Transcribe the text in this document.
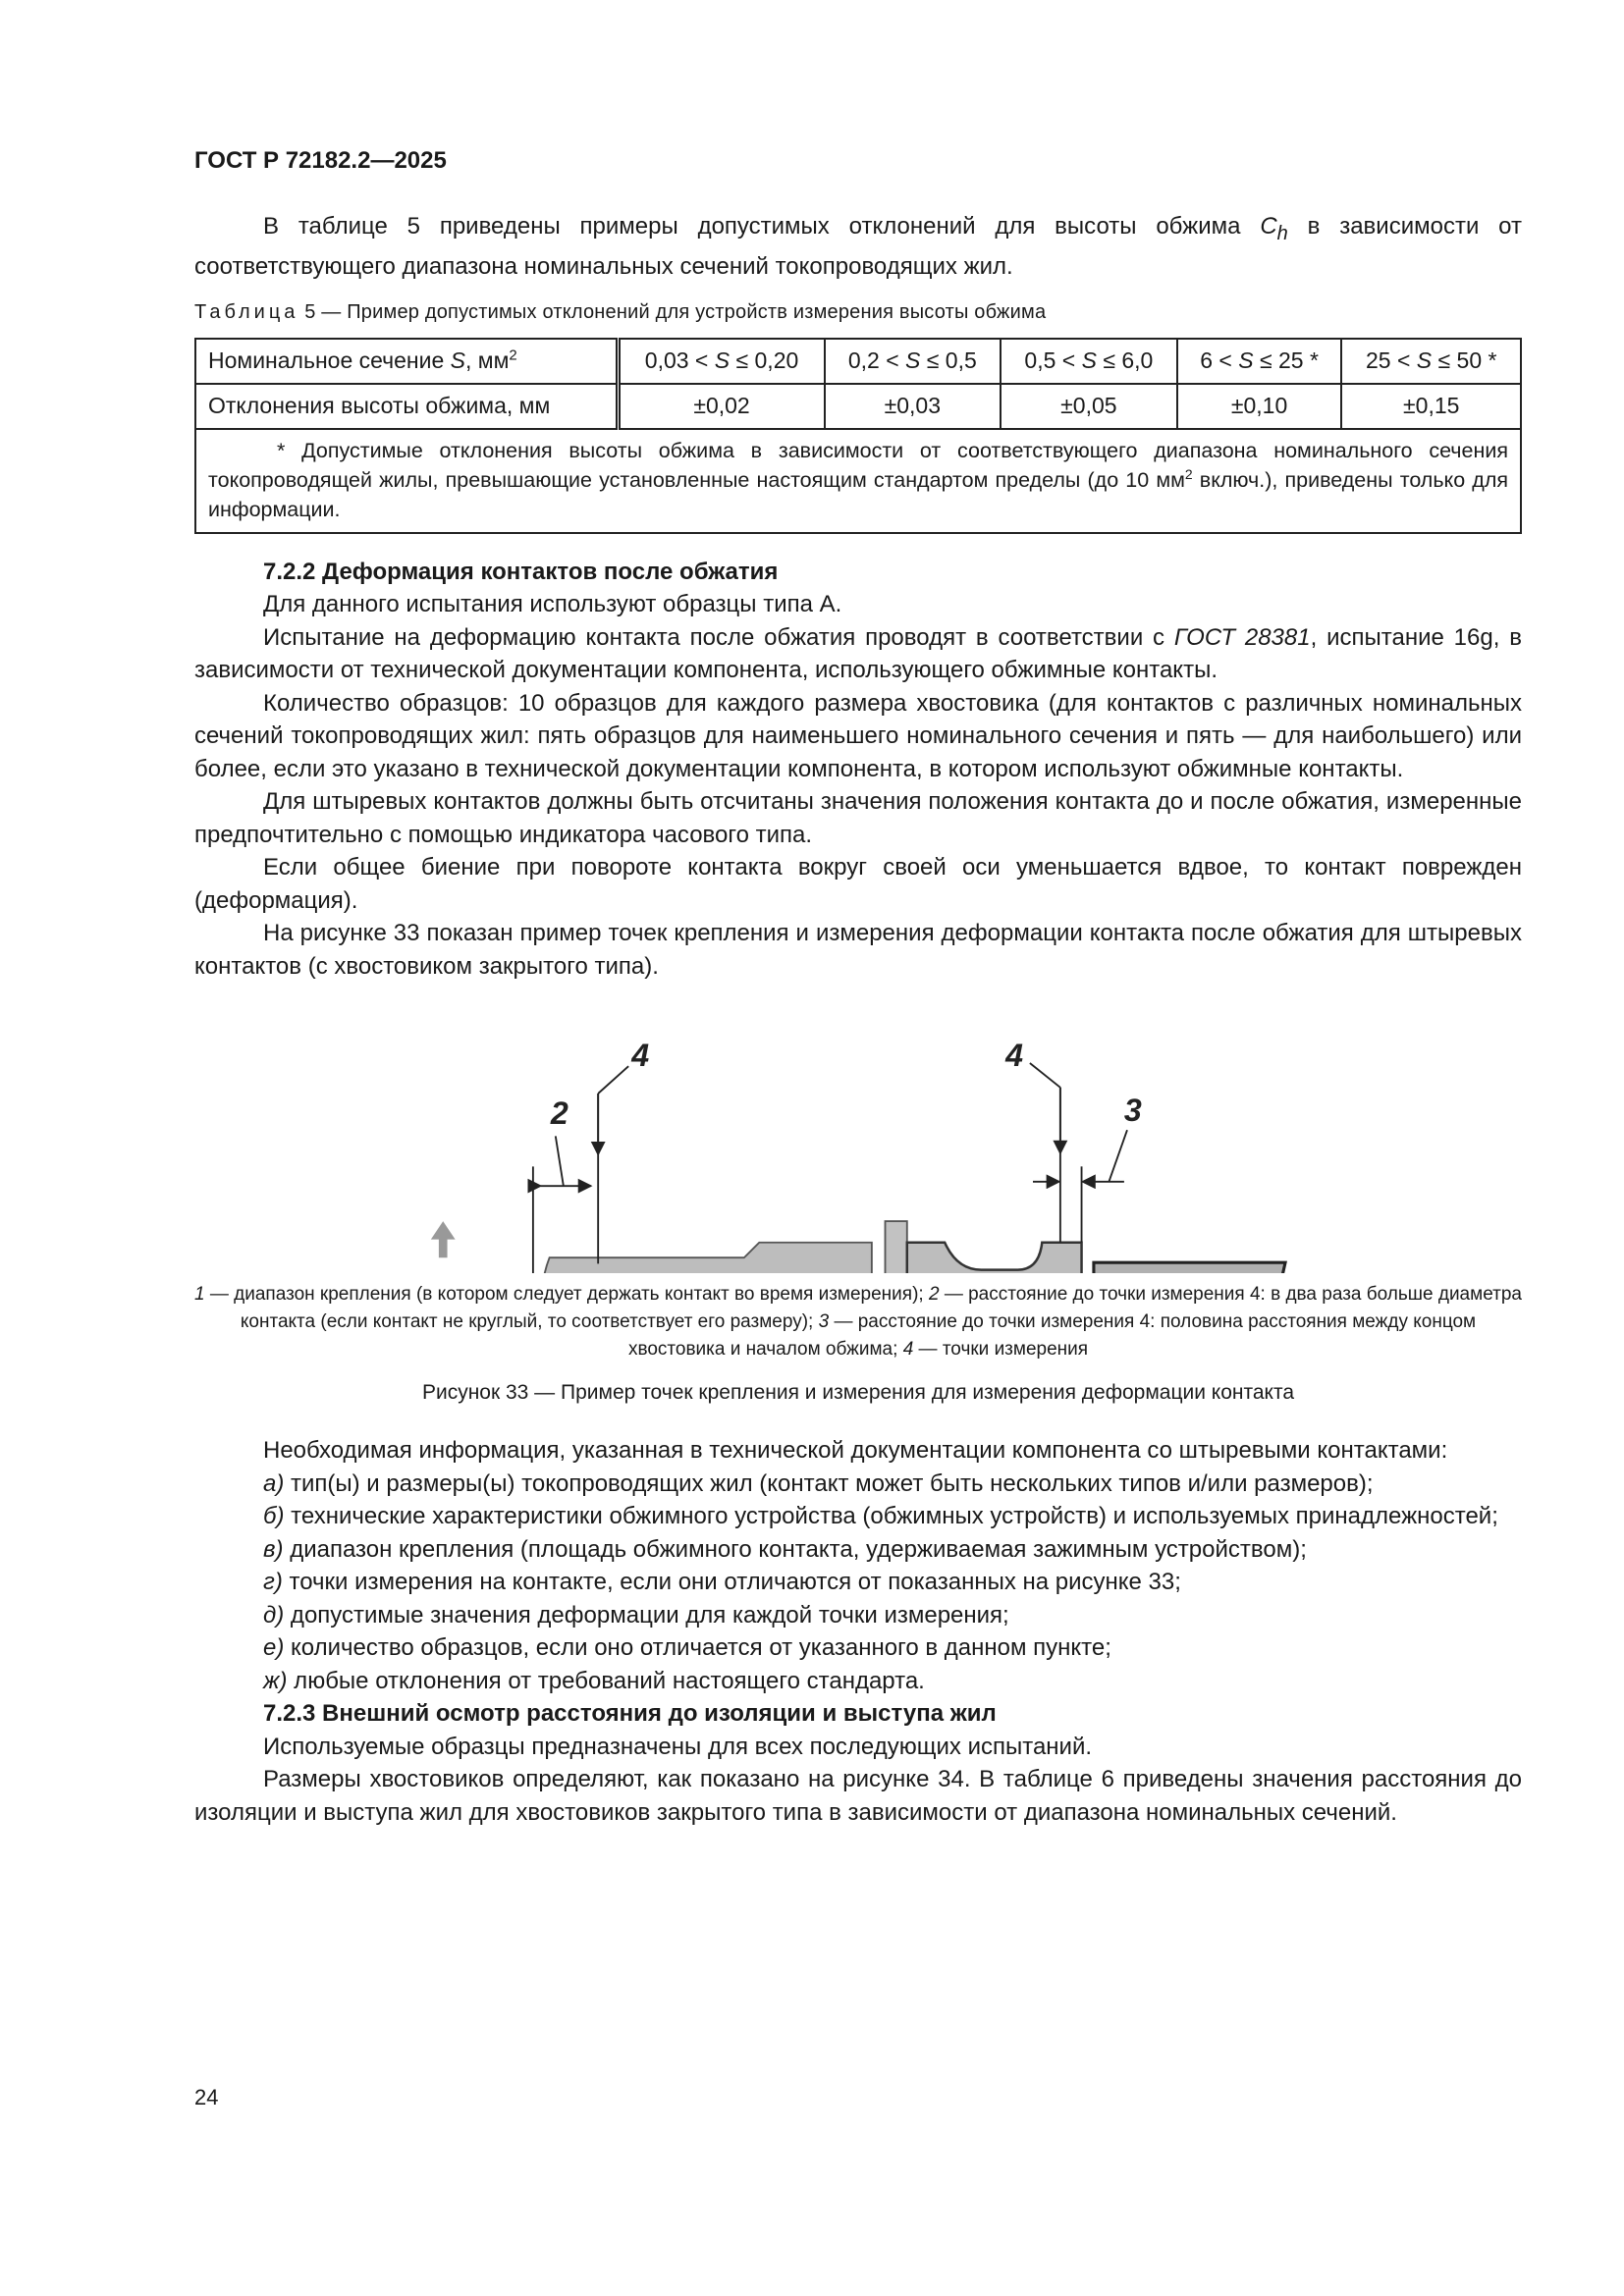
ГОСТ Р 72182.2—2025

В таблице 5 приведены примеры допустимых отклонений для высоты обжима $C_h$ в зависимости от соответствующего диапазона номинальных сечений токопроводящих жил.

Таблица 5 — Пример допустимых отклонений для устройств измерения высоты обжима
Номинальное сечение S, $мм^2$	0,03 < S ≤ 0,20	0,2 < S ≤ 0,5	0,5 < S ≤ 6,0	6 < S ≤ 25 *	25 < S ≤ 50 *
Отклонения высоты обжима, мм	±0,02	±0,03	±0,05	±0,10	±0,15
* Допустимые отклонения высоты обжима в зависимости от соответствующего диапазона номинального сечения токопроводящей жилы, превышающие установленные настоящим стандартом пределы (до 10 $мм^2$ включ.), приведены только для информации.					
7.2.2 Деформация контактов после обжатия

Для данного испытания используют образцы типа А.

Испытание на деформацию контакта после обжатия проводят в соответствии с ГОСТ 28381, испытание 16g, в зависимости от технической документации компонента, использующего обжимные контакты.

Количество образцов: 10 образцов для каждого размера хвостовика (для контактов с различных номинальных сечений токопроводящих жил: пять образцов для наименьшего номинального сечения и пять — для наибольшего) или более, если это указано в технической документации компонента, в котором используют обжимные контакты.

Для штыревых контактов должны быть отсчитаны значения положения контакта до и после обжатия, измеренные предпочтительно с помощью индикатора часового типа.

Если общее биение при повороте контакта вокруг своей оси уменьшается вдвое, то контакт поврежден (деформация).

На рисунке 33 показан пример точек крепления и измерения деформации контакта после обжатия для штыревых контактов (с хвостовиком закрытого типа).

2	3
4	4
1 — диапазон крепления (в котором следует держать контакт во время измерения); 2 — расстояние до точки измерения 4: в два раза больше диаметра контакта (если контакт не круглый, то соответствует его размеру); 3 — расстояние до точки измерения 4: половина расстояния между концом хвостовика и началом обжима; 4 — точки измерения
Рисунок 33 — Пример точек крепления и измерения для измерения деформации контакта

Необходимая информация, указанная в технической документации компонента со штыревыми контактами:

а) тип(ы) и размеры(ы) токопроводящих жил (контакт может быть нескольких типов и/или размеров);

б) технические характеристики обжимного устройства (обжимных устройств) и используемых принадлежностей;

в) диапазон крепления (площадь обжимного контакта, удерживаемая зажимным устройством);

г) точки измерения на контакте, если они отличаются от показанных на рисунке 33;

д) допустимые значения деформации для каждой точки измерения;

е) количество образцов, если оно отличается от указанного в данном пункте;

ж) любые отклонения от требований настоящего стандарта.

7.2.3 Внешний осмотр расстояния до изоляции и выступа жил

Используемые образцы предназначены для всех последующих испытаний.

Размеры хвостовиков определяют, как показано на рисунке 34. В таблице 6 приведены значения расстояния до изоляции и выступа жил для хвостовиков закрытого типа в зависимости от диапазона номинальных сечений.

24
